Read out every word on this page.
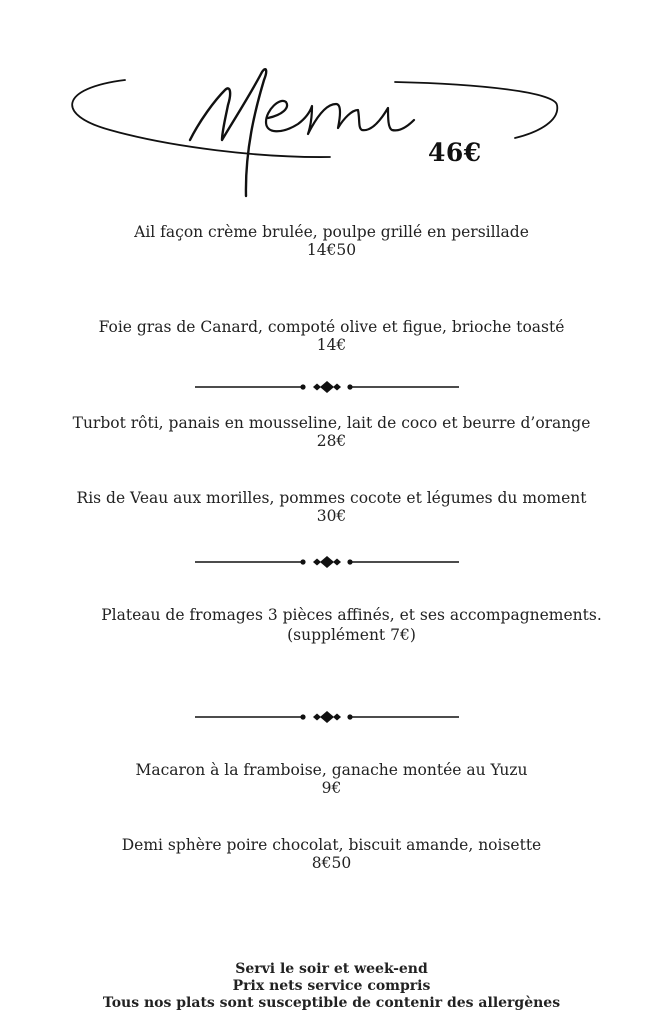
46€
Ail façon crème brulée, poulpe grillé en persillade
14€50
Foie gras de Canard, compoté olive et figue, brioche toasté
14€
Turbot rôti, panais en mousseline, lait de coco et beurre d’orange
28€
Ris de Veau aux morilles, pommes cocote et légumes du moment
30€
Plateau de fromages 3 pièces affinés, et ses accompagnements.
(supplément 7€)
Macaron à la framboise, ganache montée au Yuzu
9€
Demi sphère poire chocolat, biscuit amande, noisette
8€50
Servi le soir et week-end
Prix nets service compris
Tous nos plats sont susceptible de contenir des allergènes
